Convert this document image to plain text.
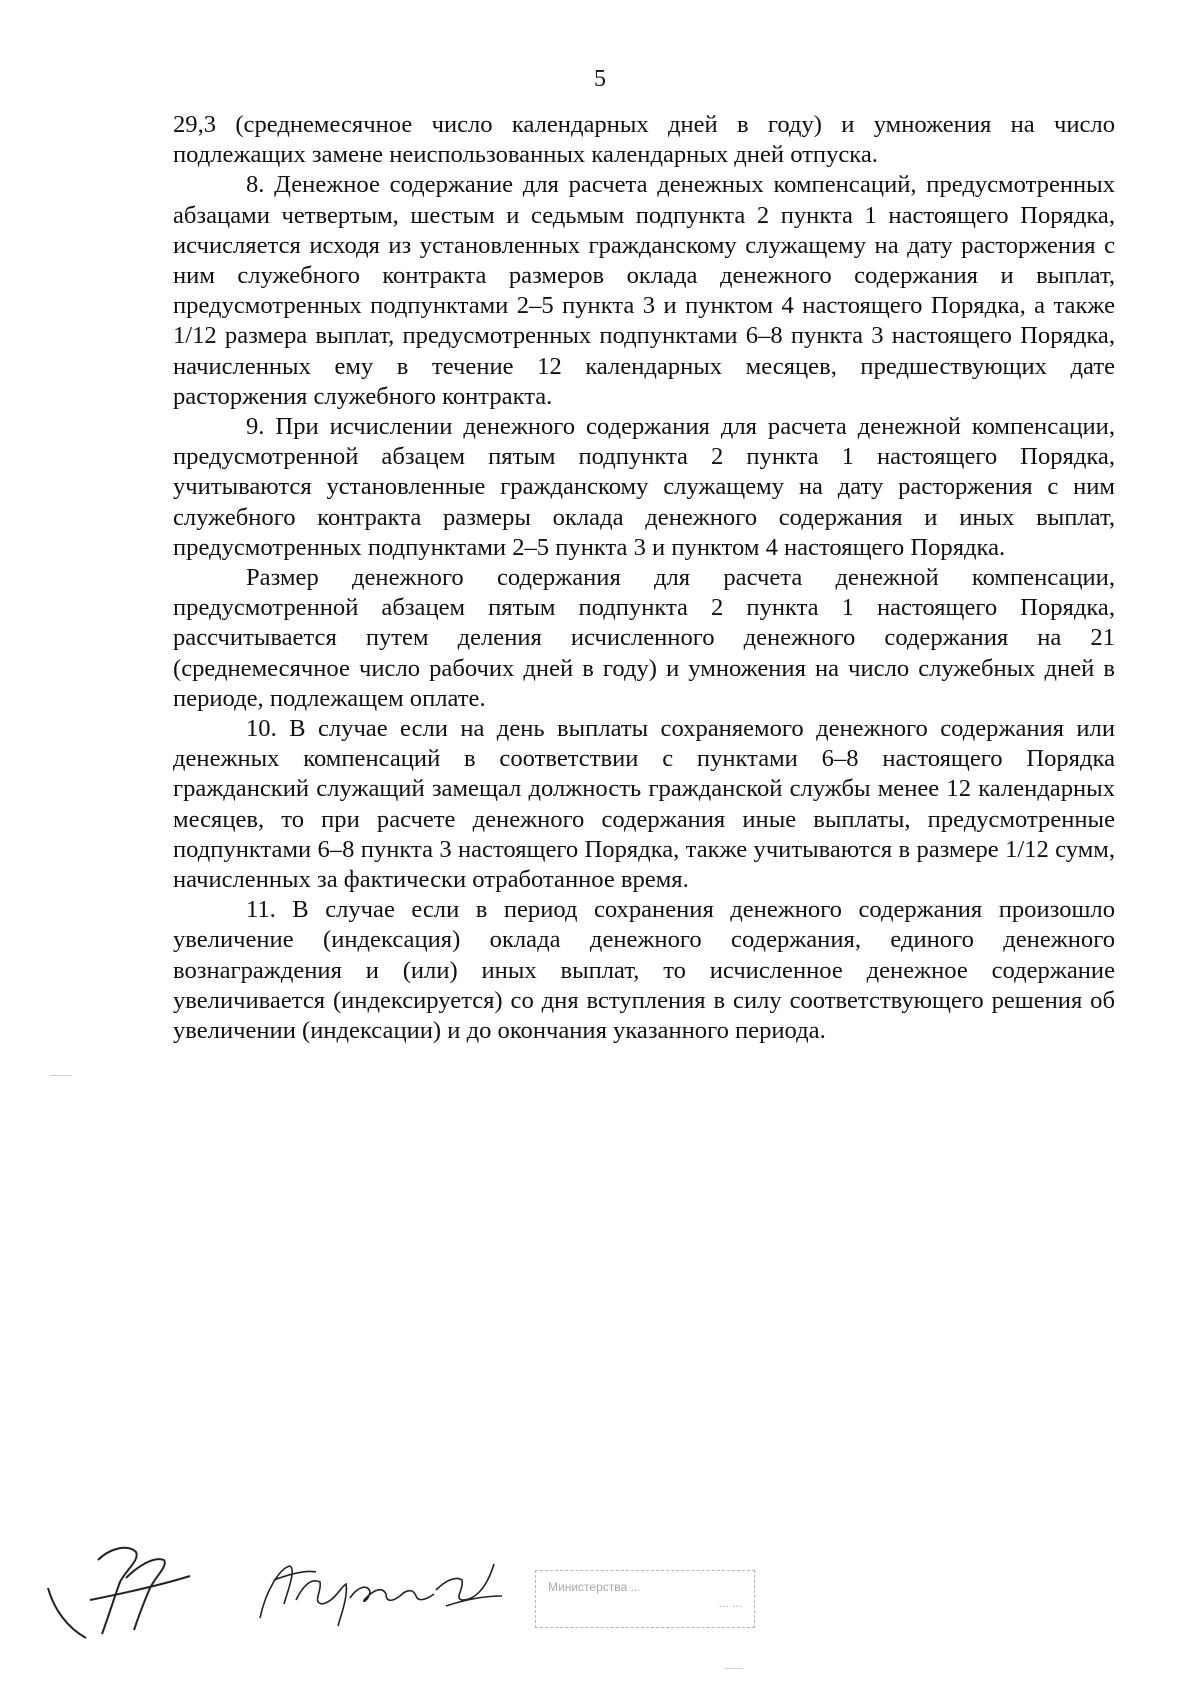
5

29,3 (среднемесячное число календарных дней в году) и умножения на число подлежащих замене неиспользованных календарных дней отпуска.

8. Денежное содержание для расчета денежных компенсаций, предусмотренных абзацами четвертым, шестым и седьмым подпункта 2 пункта 1 настоящего Порядка, исчисляется исходя из установленных гражданскому служащему на дату расторжения с ним служебного контракта размеров оклада денежного содержания и выплат, предусмотренных подпунктами 2–5 пункта 3 и пунктом 4 настоящего Порядка, а также 1/12 размера выплат, предусмотренных подпунктами 6–8 пункта 3 настоящего Порядка, начисленных ему в течение 12 календарных месяцев, предшествующих дате расторжения служебного контракта.

9. При исчислении денежного содержания для расчета денежной компенсации, предусмотренной абзацем пятым подпункта 2 пункта 1 настоящего Порядка, учитываются установленные гражданскому служащему на дату расторжения с ним служебного контракта размеры оклада денежного содержания и иных выплат, предусмотренных подпунктами 2–5 пункта 3 и пунктом 4 настоящего Порядка.

Размер денежного содержания для расчета денежной компенсации, предусмотренной абзацем пятым подпункта 2 пункта 1 настоящего Порядка, рассчитывается путем деления исчисленного денежного содержания на 21 (среднемесячное число рабочих дней в году) и умножения на число служебных дней в периоде, подлежащем оплате.

10. В случае если на день выплаты сохраняемого денежного содержания или денежных компенсаций в соответствии с пунктами 6–8 настоящего Порядка гражданский служащий замещал должность гражданской службы менее 12 календарных месяцев, то при расчете денежного содержания иные выплаты, предусмотренные подпунктами 6–8 пункта 3 настоящего Порядка, также учитываются в размере 1/12 сумм, начисленных за фактически отработанное время.

11. В случае если в период сохранения денежного содержания произошло увеличение (индексация) оклада денежного содержания, единого денежного вознаграждения и (или) иных выплат, то исчисленное денежное содержание увеличивается (индексируется) со дня вступления в силу соответствующего решения об увеличении (индексации) и до окончания указанного периода.

Министерства ...
... ...
